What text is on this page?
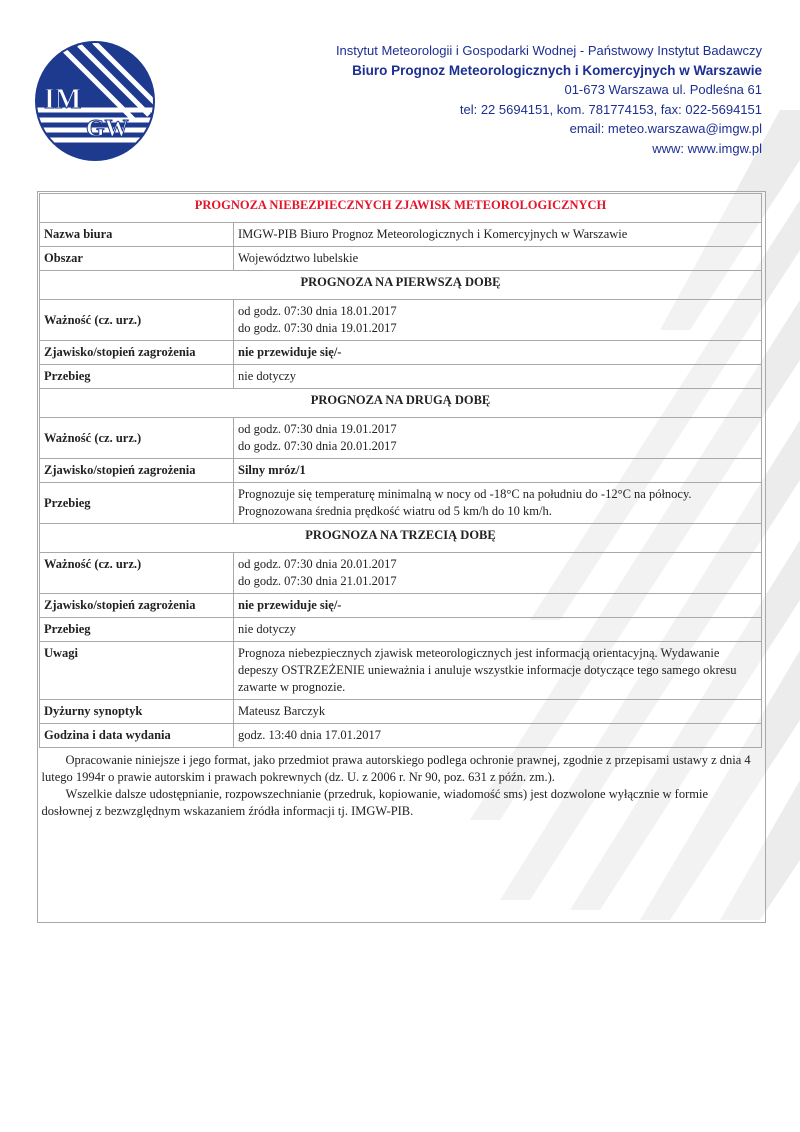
IM
GW
Instytut Meteorologii i Gospodarki Wodnej - Państwowy Instytut Badawczy
Biuro Prognoz Meteorologicznych i Komercyjnych w Warszawie
01-673 Warszawa ul. Podleśna 61
tel: 22 5694151, kom. 781774153, fax: 022-5694151
email: meteo.warszawa@imgw.pl
www: www.imgw.pl
PROGNOZA NIEBEZPIECZNYCH ZJAWISK METEOROLOGICZNYCH	
Nazwa biura	IMGW-PIB Biuro Prognoz Meteorologicznych i Komercyjnych w Warszawie
Obszar	Województwo lubelskie
PROGNOZA NA PIERWSZĄ DOBĘ	
Ważność (cz. urz.)	od godz. 07:30 dnia 18.01.2017
do godz. 07:30 dnia 19.01.2017

Zjawisko/stopień zagrożenia	nie przewiduje się/-
Przebieg	nie dotyczy
PROGNOZA NA DRUGĄ DOBĘ	
Ważność (cz. urz.)	od godz. 07:30 dnia 19.01.2017
do godz. 07:30 dnia 20.01.2017

Zjawisko/stopień zagrożenia	Silny mróz/1
Przebieg	Prognozuje się temperaturę minimalną w nocy od -18°C na południu do -12°C na północy.
Prognozowana średnia prędkość wiatru od 5 km/h do 10 km/h.

PROGNOZA NA TRZECIĄ DOBĘ	
Ważność (cz. urz.)	od godz. 07:30 dnia 20.01.2017
do godz. 07:30 dnia 21.01.2017

Zjawisko/stopień zagrożenia	nie przewiduje się/-
Przebieg	nie dotyczy
Uwagi	Prognoza niebezpiecznych zjawisk meteorologicznych jest informacją orientacyjną. Wydawanie depeszy OSTRZEŻENIE unieważnia i anuluje wszystkie informacje dotyczące tego samego okresu zawarte w prognozie.
Dyżurny synoptyk	Mateusz Barczyk
Godzina i data wydania	godz. 13:40 dnia 17.01.2017

Opracowanie niniejsze i jego format, jako przedmiot prawa autorskiego podlega ochronie prawnej, zgodnie z przepisami ustawy z dnia 4 lutego 1994r o prawie autorskim i prawach pokrewnych (dz. U. z 2006 r. Nr 90, poz. 631 z późn. zm.).

Wszelkie dalsze udostępnianie, rozpowszechnianie (przedruk, kopiowanie, wiadomość sms) jest dozwolone wyłącznie w formie dosłownej z bezwzględnym wskazaniem źródła informacji tj. IMGW-PIB.	
